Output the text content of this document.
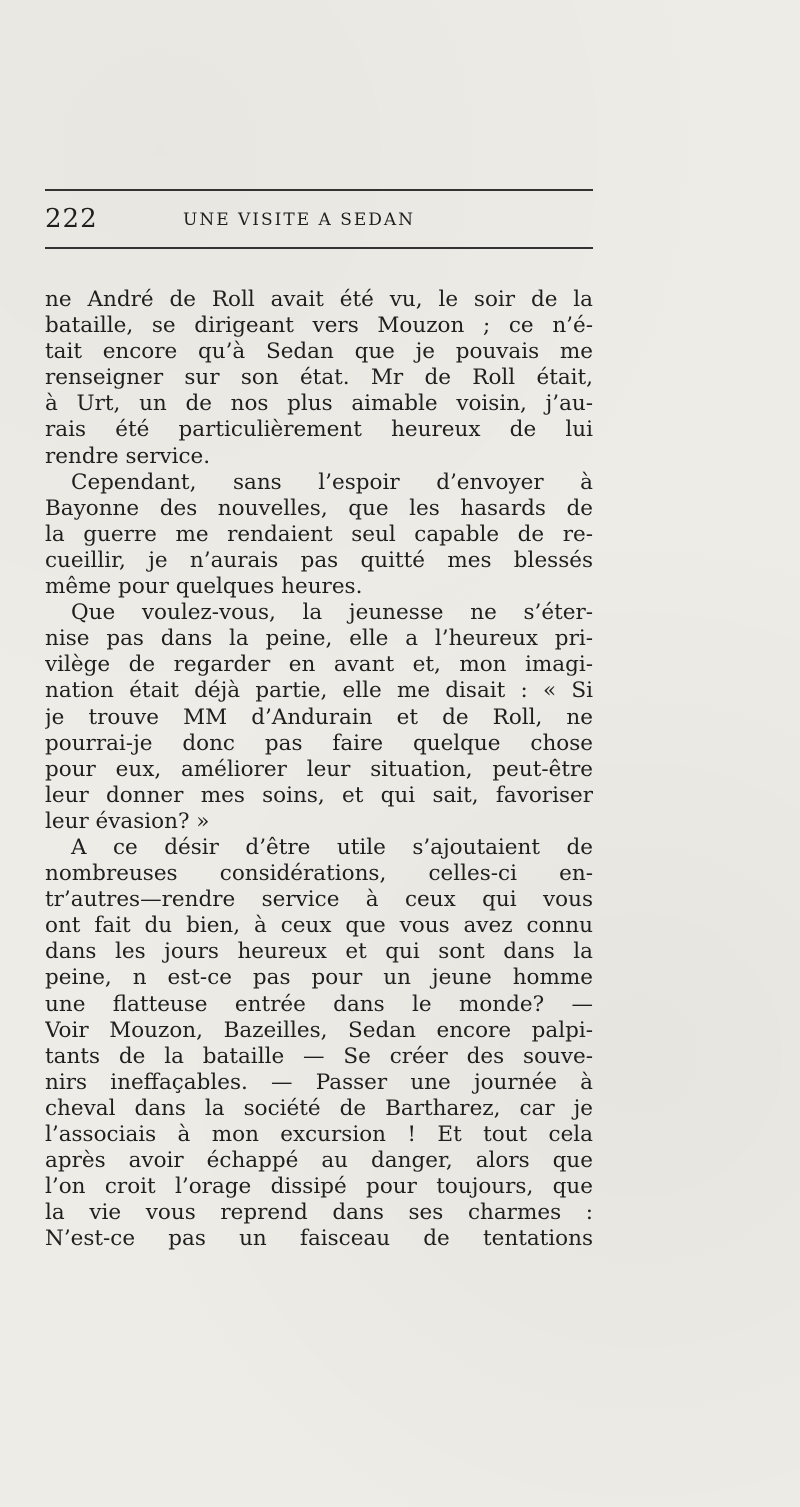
222	UNE VISITE A SEDAN
ne André de Roll avait été vu, le soir de la
bataille, se dirigeant vers Mouzon ; ce n’é-
tait encore qu’à Sedan que je pouvais me
renseigner sur son état. Mr de Roll était,
à Urt, un de nos plus aimable voisin, j’au-
rais été particulièrement heureux de lui
rendre service.
Cependant, sans l’espoir d’envoyer à
Bayonne des nouvelles, que les hasards de
la guerre me rendaient seul capable de re-
cueillir, je n’aurais pas quitté mes blessés
même pour quelques heures.
Que voulez-vous, la jeunesse ne s’éter-
nise pas dans la peine, elle a l’heureux pri-
vilège de regarder en avant et, mon imagi-
nation était déjà partie, elle me disait : « Si
je trouve MM d’Andurain et de Roll, ne
pourrai-je donc pas faire quelque chose
pour eux, améliorer leur situation, peut-être
leur donner mes soins, et qui sait, favoriser
leur évasion? »
A ce désir d’être utile s’ajoutaient de
nombreuses considérations, celles-ci en-
tr’autres—rendre service à ceux qui vous
ont fait du bien, à ceux que vous avez connu
dans les jours heureux et qui sont dans la
peine, n est-ce pas pour un jeune homme
une flatteuse entrée dans le monde? —
Voir Mouzon, Bazeilles, Sedan encore palpi-
tants de la bataille — Se créer des souve-
nirs ineffaçables. — Passer une journée à
cheval dans la société de Bartharez, car je
l’associais à mon excursion ! Et tout cela
après avoir échappé au danger, alors que
l’on croit l’orage dissipé pour toujours, que
la vie vous reprend dans ses charmes :
N’est-ce pas un faisceau de tentations
